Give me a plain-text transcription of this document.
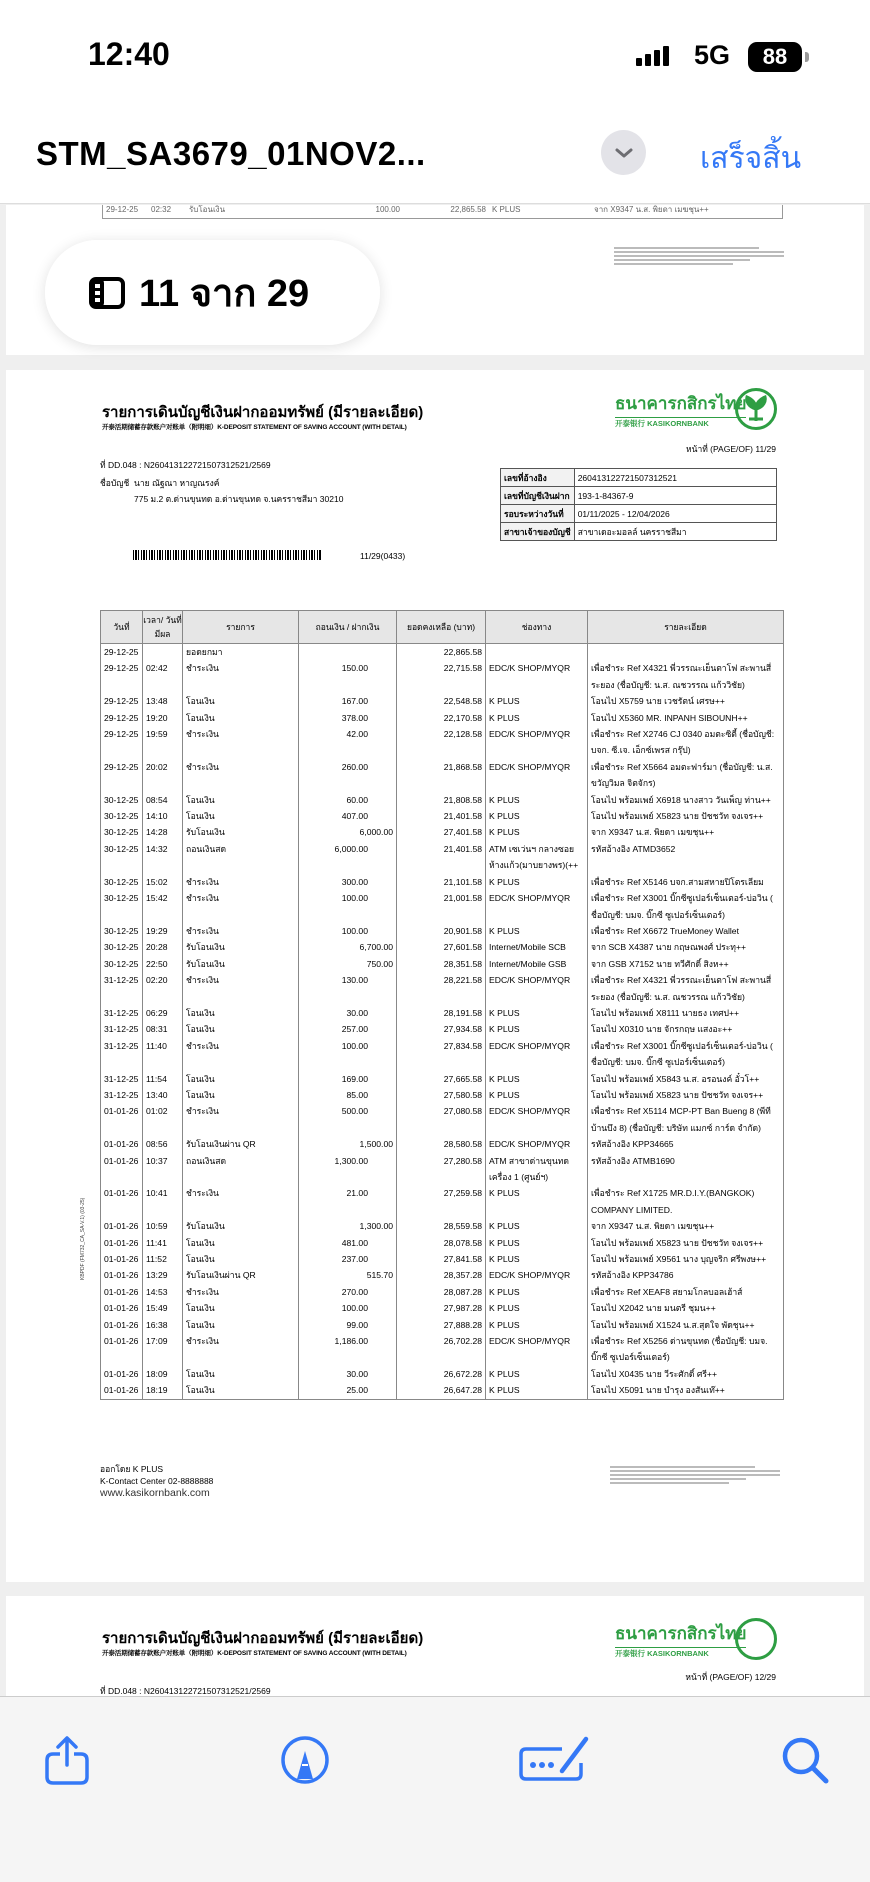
12:40	5G	88
STM_SA3679_01NOV2...	เสร็จสิ้น
29-12-25	02:32	รับโอนเงิน	100.00	22,865.58 K PLUS	จาก X9347 น.ส. พิยดา เมฆชุน++
11 จาก 29
รายการเดินบัญชีเงินฝากออมทรัพย์ (มีรายละเอียด)
开泰活期储蓄存款账户对账单（附明细）K-DEPOSIT STATEMENT OF SAVING ACCOUNT (WITH DETAIL)
ธนาคารกสิกรไทย
开泰银行 KASIKORNBANK
หน้าที่ (PAGE/OF) 11/29
ที่ DD.048 : N260413122721507312521/2569
ชื่อบัญชี นาย ณัฐณา หาญณรงค์
775 ม.2 ต.ด่านขุนทด อ.ด่านขุนทด จ.นครราชสีมา 30210
เลขที่อ้างอิง	260413122721507312521
เลขที่บัญชีเงินฝาก	193-1-84367-9
รอบระหว่างวันที่	01/11/2025 - 12/04/2026
สาขาเจ้าของบัญชี	สาขาเดอะมอลล์ นครราชสีมา
11/29(0433)
KBPDF (FM732_CA_SA-V.1) (03-25)
วันที่	เวลา/ วันที่มีผล	รายการ	ถอนเงิน / ฝากเงิน	ยอดคงเหลือ (บาท)	ช่องทาง	รายละเอียด
29-12-25		ยอดยกมา		22,865.58		
29-12-25	02:42	ชำระเงิน	150.00	22,715.58	EDC/K SHOP/MYQR	เพื่อชำระ Ref X4321 พี่วรรณะเย็นตาโฟ สะพานสี่ ระยอง (ชื่อบัญชี: น.ส. ณชวรรณ แก้ววิชัย)
29-12-25	13:48	โอนเงิน	167.00	22,548.58	K PLUS	โอนไป X5759 นาย เวชรัตน์ เศรษ++
29-12-25	19:20	โอนเงิน	378.00	22,170.58	K PLUS	โอนไป X5360 MR. INPANH SIBOUNH++
29-12-25	19:59	ชำระเงิน	42.00	22,128.58	EDC/K SHOP/MYQR	เพื่อชำระ Ref X2746 CJ 0340 อมตะซิตี้ (ชื่อบัญชี: บจก. ซี.เจ. เอ็กซ์เพรส กรุ๊ป)
29-12-25	20:02	ชำระเงิน	260.00	21,868.58	EDC/K SHOP/MYQR	เพื่อชำระ Ref X5664 อมตะฟาร์มา (ชื่อบัญชี: น.ส. ขวัญวิมล จิตจักร)
30-12-25	08:54	โอนเงิน	60.00	21,808.58	K PLUS	โอนไป พร้อมเพย์ X6918 นางสาว วันเพ็ญ ท่าน++
30-12-25	14:10	โอนเงิน	407.00	21,401.58	K PLUS	โอนไป พร้อมเพย์ X5823 นาย ปัชชวัท จงเจร++
30-12-25	14:28	รับโอนเงิน	6,000.00	27,401.58	K PLUS	จาก X9347 น.ส. พิยดา เมฆชุน++
30-12-25	14:32	ถอนเงินสด	6,000.00	21,401.58	ATM เซเว่นฯ กลางซอยห้างแก้ว(มาบยางพร)(++	รหัสอ้างอิง ATMD3652
30-12-25	15:02	ชำระเงิน	300.00	21,101.58	K PLUS	เพื่อชำระ Ref X5146 บจก.สามสหายปิโตรเลียม
30-12-25	15:42	ชำระเงิน	100.00	21,001.58	EDC/K SHOP/MYQR	เพื่อชำระ Ref X3001 บิ๊กซีซูเปอร์เซ็นเตอร์-บ่อวิน ( ชื่อบัญชี: บมจ. บิ๊กซี ซูเปอร์เซ็นเตอร์)
30-12-25	19:29	ชำระเงิน	100.00	20,901.58	K PLUS	เพื่อชำระ Ref X6672 TrueMoney Wallet
30-12-25	20:28	รับโอนเงิน	6,700.00	27,601.58	Internet/Mobile SCB	จาก SCB X4387 นาย กฤษณพงศ์ ประทุ++
30-12-25	22:50	รับโอนเงิน	750.00	28,351.58	Internet/Mobile GSB	จาก GSB X7152 นาย ทวีศักดิ์ สิงห++
31-12-25	02:20	ชำระเงิน	130.00	28,221.58	EDC/K SHOP/MYQR	เพื่อชำระ Ref X4321 พี่วรรณะเย็นตาโฟ สะพานสี่ ระยอง (ชื่อบัญชี: น.ส. ณชวรรณ แก้ววิชัย)
31-12-25	06:29	โอนเงิน	30.00	28,191.58	K PLUS	โอนไป พร้อมเพย์ X8111 นายธง เทศป++
31-12-25	08:31	โอนเงิน	257.00	27,934.58	K PLUS	โอนไป X0310 นาย จักรกฤษ แสงอะ++
31-12-25	11:40	ชำระเงิน	100.00	27,834.58	EDC/K SHOP/MYQR	เพื่อชำระ Ref X3001 บิ๊กซีซูเปอร์เซ็นเตอร์-บ่อวิน ( ชื่อบัญชี: บมจ. บิ๊กซี ซูเปอร์เซ็นเตอร์)
31-12-25	11:54	โอนเงิน	169.00	27,665.58	K PLUS	โอนไป พร้อมเพย์ X5843 น.ส. อรอนงค์ อั๋วโ++
31-12-25	13:40	โอนเงิน	85.00	27,580.58	K PLUS	โอนไป พร้อมเพย์ X5823 นาย ปัชชวัท จงเจร++
01-01-26	01:02	ชำระเงิน	500.00	27,080.58	EDC/K SHOP/MYQR	เพื่อชำระ Ref X5114 MCP-PT Ban Bueng 8 (พีที บ้านบึง 8) (ชื่อบัญชี: บริษัท แมกซ์ การ์ด จำกัด)
01-01-26	08:56	รับโอนเงินผ่าน QR	1,500.00	28,580.58	EDC/K SHOP/MYQR	รหัสอ้างอิง KPP34665
01-01-26	10:37	ถอนเงินสด	1,300.00	27,280.58	ATM สาขาด่านขุนทด เครื่อง 1 (ศูนย์ฯ)	รหัสอ้างอิง ATMB1690
01-01-26	10:41	ชำระเงิน	21.00	27,259.58	K PLUS	เพื่อชำระ Ref X1725 MR.D.I.Y.(BANGKOK) COMPANY LIMITED.
01-01-26	10:59	รับโอนเงิน	1,300.00	28,559.58	K PLUS	จาก X9347 น.ส. พิยดา เมฆชุน++
01-01-26	11:41	โอนเงิน	481.00	28,078.58	K PLUS	โอนไป พร้อมเพย์ X5823 นาย ปัชชวัท จงเจร++
01-01-26	11:52	โอนเงิน	237.00	27,841.58	K PLUS	โอนไป พร้อมเพย์ X9561 นาง บุญจริก ศรีพงษ++
01-01-26	13:29	รับโอนเงินผ่าน QR	515.70	28,357.28	EDC/K SHOP/MYQR	รหัสอ้างอิง KPP34786
01-01-26	14:53	ชำระเงิน	270.00	28,087.28	K PLUS	เพื่อชำระ Ref XEAF8 สยามโกลบอลเฮ้าส์
01-01-26	15:49	โอนเงิน	100.00	27,987.28	K PLUS	โอนไป X2042 นาย มนตรี ชุมน++
01-01-26	16:38	โอนเงิน	99.00	27,888.28	K PLUS	โอนไป พร้อมเพย์ X1524 น.ส.สุดใจ พัดชุน++
01-01-26	17:09	ชำระเงิน	1,186.00	26,702.28	EDC/K SHOP/MYQR	เพื่อชำระ Ref X5256 ด่านขุนทด (ชื่อบัญชี: บมจ. บิ๊กซี ซูเปอร์เซ็นเตอร์)
01-01-26	18:09	โอนเงิน	30.00	26,672.28	K PLUS	โอนไป X0435 นาย วีระศักดิ์ ศรี++
01-01-26	18:19	โอนเงิน	25.00	26,647.28	K PLUS	โอนไป X5091 นาย บำรุง องสันเท๊++
ออกโดย K PLUS
K-Contact Center 02-8888888
www.kasikornbank.com
รายการเดินบัญชีเงินฝากออมทรัพย์ (มีรายละเอียด)
开泰活期储蓄存款账户对账单（附明细）K-DEPOSIT STATEMENT OF SAVING ACCOUNT (WITH DETAIL)
ธนาคารกสิกรไทย
开泰银行 KASIKORNBANK
หน้าที่ (PAGE/OF) 12/29
ที่ DD.048 : N260413122721507312521/2569
